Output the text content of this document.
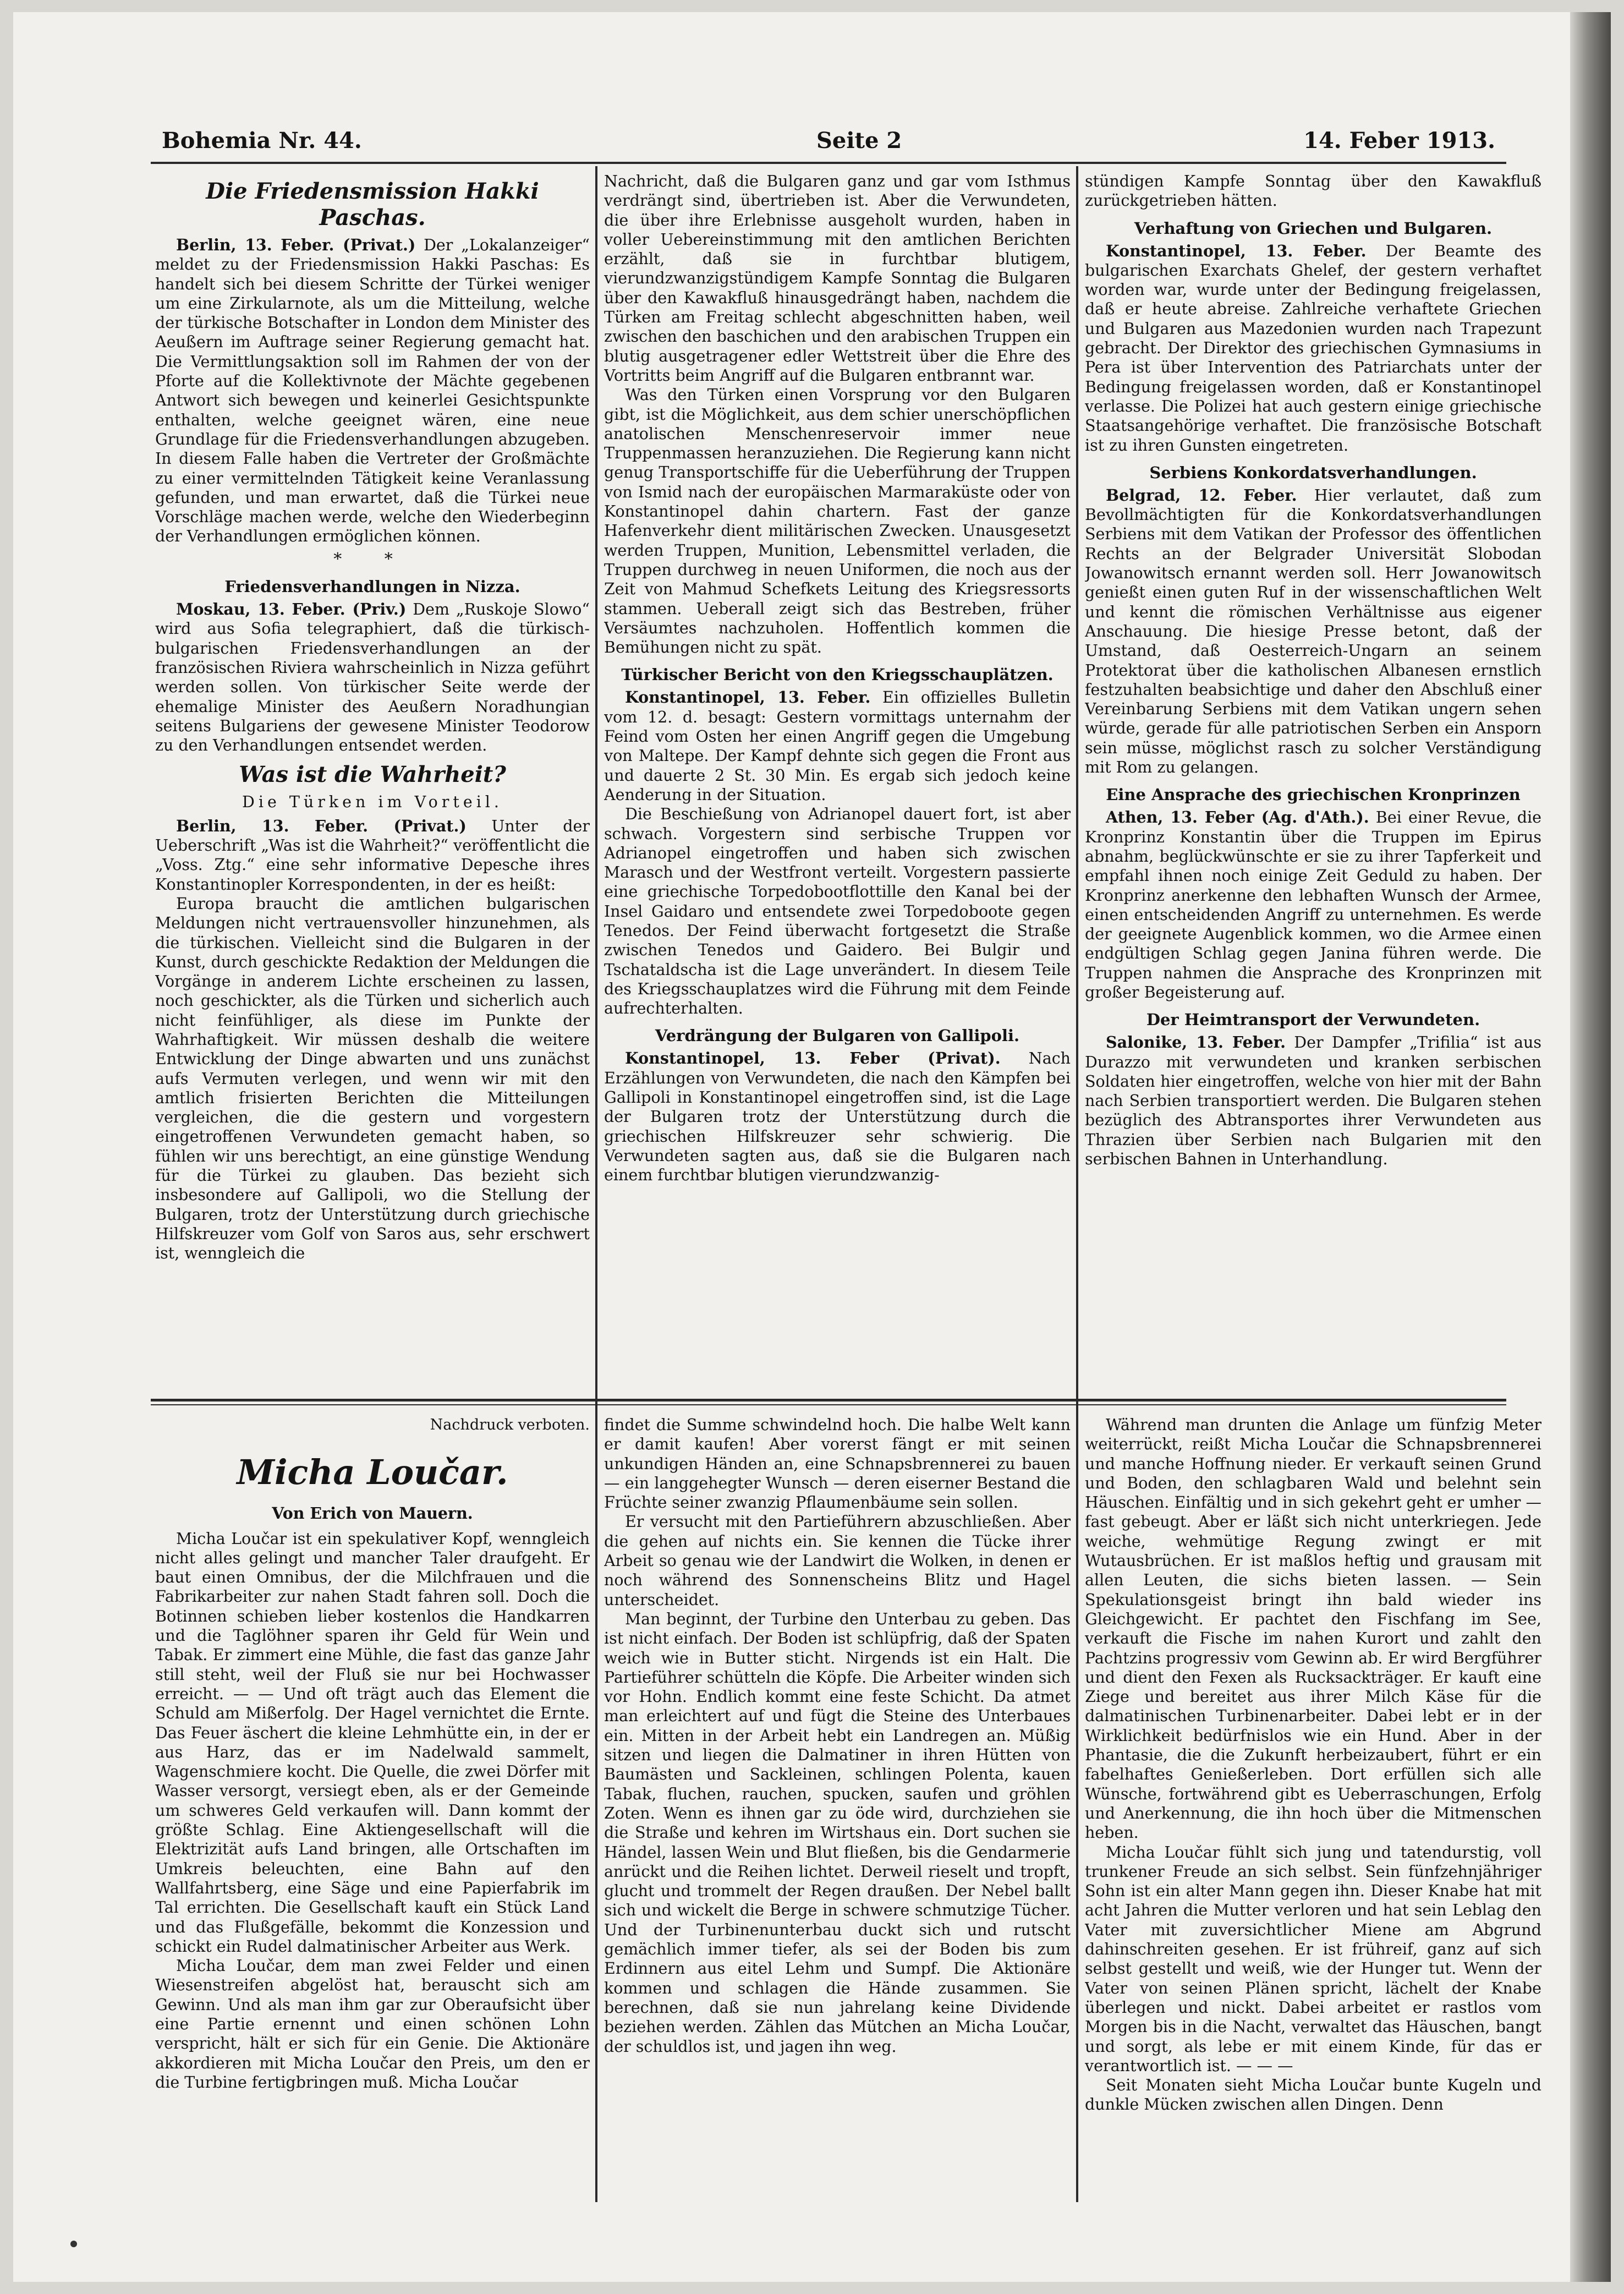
Bohemia Nr. 44.	Seite 2	14. Feber 1913.
Die Friedensmission Hakki Paschas.

Berlin, 13. Feber. (Privat.) Der „Lokalanzeiger“ meldet zu der Friedensmission Hakki Paschas: Es handelt sich bei diesem Schritte der Türkei weniger um eine Zirkularnote, als um die Mitteilung, welche der türkische Botschafter in London dem Minister des Aeußern im Auftrage seiner Regierung gemacht hat. Die Vermittlungsaktion soll im Rahmen der von der Pforte auf die Kollektivnote der Mächte gegebenen Antwort sich bewegen und keinerlei Gesichtspunkte enthalten, welche geeignet wären, eine neue Grundlage für die Friedensverhandlungen abzugeben. In diesem Falle haben die Vertreter der Großmächte zu einer vermittelnden Tätigkeit keine Veranlassung gefunden, und man erwartet, daß die Türkei neue Vorschläge machen werde, welche den Wiederbeginn der Verhandlungen ermöglichen können.

* *
Friedensverhandlungen in Nizza.

Moskau, 13. Feber. (Priv.) Dem „Ruskoje Slowo“ wird aus Sofia telegraphiert, daß die türkisch-bulgarischen Friedensverhandlungen an der französischen Riviera wahrscheinlich in Nizza geführt werden sollen. Von türkischer Seite werde der ehemalige Minister des Aeußern Noradhungian seitens Bulgariens der gewesene Minister Teodorow zu den Verhandlungen entsendet werden.

Was ist die Wahrheit?
Die Türken im Vorteil.

Berlin, 13. Feber. (Privat.) Unter der Ueberschrift „Was ist die Wahrheit?“ veröffentlicht die „Voss. Ztg.“ eine sehr informative Depesche ihres Konstantinopler Korrespondenten, in der es heißt:

Europa braucht die amtlichen bulgarischen Meldungen nicht vertrauensvoller hinzunehmen, als die türkischen. Vielleicht sind die Bulgaren in der Kunst, durch geschickte Redaktion der Meldungen die Vorgänge in anderem Lichte erscheinen zu lassen, noch geschickter, als die Türken und sicherlich auch nicht feinfühliger, als diese im Punkte der Wahrhaftigkeit. Wir müssen deshalb die weitere Entwicklung der Dinge abwarten und uns zunächst aufs Vermuten verlegen, und wenn wir mit den amtlich frisierten Berichten die Mitteilungen vergleichen, die die gestern und vorgestern eingetroffenen Verwundeten gemacht haben, so fühlen wir uns berechtigt, an eine günstige Wendung für die Türkei zu glauben. Das bezieht sich insbesondere auf Gallipoli, wo die Stellung der Bulgaren, trotz der Unterstützung durch griechische Hilfskreuzer vom Golf von Saros aus, sehr erschwert ist, wenngleich die

Nachricht, daß die Bulgaren ganz und gar vom Isthmus verdrängt sind, übertrieben ist. Aber die Verwundeten, die über ihre Erlebnisse ausgeholt wurden, haben in voller Uebereinstimmung mit den amtlichen Berichten erzählt, daß sie in furchtbar blutigem, vierundzwanzigstündigem Kampfe Sonntag die Bulgaren über den Kawakfluß hinausgedrängt haben, nachdem die Türken am Freitag schlecht abgeschnitten haben, weil zwischen den baschichen und den arabischen Truppen ein blutig ausgetragener edler Wettstreit über die Ehre des Vortritts beim Angriff auf die Bulgaren entbrannt war.

Was den Türken einen Vorsprung vor den Bulgaren gibt, ist die Möglichkeit, aus dem schier unerschöpflichen anatolischen Menschenreservoir immer neue Truppenmassen heranzuziehen. Die Regierung kann nicht genug Transportschiffe für die Ueberführung der Truppen von Ismid nach der europäischen Marmaraküste oder von Konstantinopel dahin chartern. Fast der ganze Hafenverkehr dient militärischen Zwecken. Unausgesetzt werden Truppen, Munition, Lebensmittel verladen, die Truppen durchweg in neuen Uniformen, die noch aus der Zeit von Mahmud Schefkets Leitung des Kriegsressorts stammen. Ueberall zeigt sich das Bestreben, früher Versäumtes nachzuholen. Hoffentlich kommen die Bemühungen nicht zu spät.

Türkischer Bericht von den Kriegsschauplätzen.

Konstantinopel, 13. Feber. Ein offizielles Bulletin vom 12. d. besagt: Gestern vormittags unternahm der Feind vom Osten her einen Angriff gegen die Umgebung von Maltepe. Der Kampf dehnte sich gegen die Front aus und dauerte 2 St. 30 Min. Es ergab sich jedoch keine Aenderung in der Situation.

Die Beschießung von Adrianopel dauert fort, ist aber schwach. Vorgestern sind serbische Truppen vor Adrianopel eingetroffen und haben sich zwischen Marasch und der Westfront verteilt. Vorgestern passierte eine griechische Torpedobootflottille den Kanal bei der Insel Gaidaro und entsendete zwei Torpedoboote gegen Tenedos. Der Feind überwacht fortgesetzt die Straße zwischen Tenedos und Gaidero. Bei Bulgir und Tschataldscha ist die Lage unverändert. In diesem Teile des Kriegsschauplatzes wird die Führung mit dem Feinde aufrechterhalten.

Verdrängung der Bulgaren von Gallipoli.

Konstantinopel, 13. Feber (Privat). Nach Erzählungen von Verwundeten, die nach den Kämpfen bei Gallipoli in Konstantinopel eingetroffen sind, ist die Lage der Bulgaren trotz der Unterstützung durch die griechischen Hilfskreuzer sehr schwierig. Die Verwundeten sagten aus, daß sie die Bulgaren nach einem furchtbar blutigen vierundzwanzig-

stündigen Kampfe Sonntag über den Kawakfluß zurückgetrieben hätten.

Verhaftung von Griechen und Bulgaren.

Konstantinopel, 13. Feber. Der Beamte des bulgarischen Exarchats Ghelef, der gestern verhaftet worden war, wurde unter der Bedingung freigelassen, daß er heute abreise. Zahlreiche verhaftete Griechen und Bulgaren aus Mazedonien wurden nach Trapezunt gebracht. Der Direktor des griechischen Gymnasiums in Pera ist über Intervention des Patriarchats unter der Bedingung freigelassen worden, daß er Konstantinopel verlasse. Die Polizei hat auch gestern einige griechische Staatsangehörige verhaftet. Die französische Botschaft ist zu ihren Gunsten eingetreten.

Serbiens Konkordatsverhandlungen.

Belgrad, 12. Feber. Hier verlautet, daß zum Bevollmächtigten für die Konkordatsverhandlungen Serbiens mit dem Vatikan der Professor des öffentlichen Rechts an der Belgrader Universität Slobodan Jowanowitsch ernannt werden soll. Herr Jowanowitsch genießt einen guten Ruf in der wissenschaftlichen Welt und kennt die römischen Verhältnisse aus eigener Anschauung. Die hiesige Presse betont, daß der Umstand, daß Oesterreich-Ungarn an seinem Protektorat über die katholischen Albanesen ernstlich festzuhalten beabsichtige und daher den Abschluß einer Vereinbarung Serbiens mit dem Vatikan ungern sehen würde, gerade für alle patriotischen Serben ein Ansporn sein müsse, möglichst rasch zu solcher Verständigung mit Rom zu gelangen.

Eine Ansprache des griechischen Kronprinzen

Athen, 13. Feber (Ag. d'Ath.). Bei einer Revue, die Kronprinz Konstantin über die Truppen im Epirus abnahm, beglückwünschte er sie zu ihrer Tapferkeit und empfahl ihnen noch einige Zeit Geduld zu haben. Der Kronprinz anerkenne den lebhaften Wunsch der Armee, einen entscheidenden Angriff zu unternehmen. Es werde der geeignete Augenblick kommen, wo die Armee einen endgültigen Schlag gegen Janina führen werde. Die Truppen nahmen die Ansprache des Kronprinzen mit großer Begeisterung auf.

Der Heimtransport der Verwundeten.

Salonike, 13. Feber. Der Dampfer „Trifilia“ ist aus Durazzo mit verwundeten und kranken serbischen Soldaten hier eingetroffen, welche von hier mit der Bahn nach Serbien transportiert werden. Die Bulgaren stehen bezüglich des Abtransportes ihrer Verwundeten aus Thrazien über Serbien nach Bulgarien mit den serbischen Bahnen in Unterhandlung.

Nachdruck verboten.
Micha Loučar.
Von Erich von Mauern.

Micha Loučar ist ein spekulativer Kopf, wenngleich nicht alles gelingt und mancher Taler draufgeht. Er baut einen Omnibus, der die Milchfrauen und die Fabrikarbeiter zur nahen Stadt fahren soll. Doch die Botinnen schieben lieber kostenlos die Handkarren und die Taglöhner sparen ihr Geld für Wein und Tabak. Er zimmert eine Mühle, die fast das ganze Jahr still steht, weil der Fluß sie nur bei Hochwasser erreicht. — — Und oft trägt auch das Element die Schuld am Mißerfolg. Der Hagel vernichtet die Ernte. Das Feuer äschert die kleine Lehmhütte ein, in der er aus Harz, das er im Nadelwald sammelt, Wagenschmiere kocht. Die Quelle, die zwei Dörfer mit Wasser versorgt, versiegt eben, als er der Gemeinde um schweres Geld verkaufen will. Dann kommt der größte Schlag. Eine Aktiengesellschaft will die Elektrizität aufs Land bringen, alle Ortschaften im Umkreis beleuchten, eine Bahn auf den Wallfahrtsberg, eine Säge und eine Papierfabrik im Tal errichten. Die Gesellschaft kauft ein Stück Land und das Flußgefälle, bekommt die Konzession und schickt ein Rudel dalmatinischer Arbeiter aus Werk.

Micha Loučar, dem man zwei Felder und einen Wiesenstreifen abgelöst hat, berauscht sich am Gewinn. Und als man ihm gar zur Oberaufsicht über eine Partie ernennt und einen schönen Lohn verspricht, hält er sich für ein Genie. Die Aktionäre akkordieren mit Micha Loučar den Preis, um den er die Turbine fertigbringen muß. Micha Loučar

findet die Summe schwindelnd hoch. Die halbe Welt kann er damit kaufen! Aber vorerst fängt er mit seinen unkundigen Händen an, eine Schnapsbrennerei zu bauen — ein langgehegter Wunsch — deren eiserner Bestand die Früchte seiner zwanzig Pflaumenbäume sein sollen.

Er versucht mit den Partieführern abzuschließen. Aber die gehen auf nichts ein. Sie kennen die Tücke ihrer Arbeit so genau wie der Landwirt die Wolken, in denen er noch während des Sonnenscheins Blitz und Hagel unterscheidet.

Man beginnt, der Turbine den Unterbau zu geben. Das ist nicht einfach. Der Boden ist schlüpfrig, daß der Spaten weich wie in Butter sticht. Nirgends ist ein Halt. Die Partieführer schütteln die Köpfe. Die Arbeiter winden sich vor Hohn. Endlich kommt eine feste Schicht. Da atmet man erleichtert auf und fügt die Steine des Unterbaues ein. Mitten in der Arbeit hebt ein Landregen an. Müßig sitzen und liegen die Dalmatiner in ihren Hütten von Baumästen und Sackleinen, schlingen Polenta, kauen Tabak, fluchen, rauchen, spucken, saufen und gröhlen Zoten. Wenn es ihnen gar zu öde wird, durchziehen sie die Straße und kehren im Wirtshaus ein. Dort suchen sie Händel, lassen Wein und Blut fließen, bis die Gendarmerie anrückt und die Reihen lichtet. Derweil rieselt und tropft, glucht und trommelt der Regen draußen. Der Nebel ballt sich und wickelt die Berge in schwere schmutzige Tücher. Und der Turbinenunterbau duckt sich und rutscht gemächlich immer tiefer, als sei der Boden bis zum Erdinnern aus eitel Lehm und Sumpf. Die Aktionäre kommen und schlagen die Hände zusammen. Sie berechnen, daß sie nun jahrelang keine Dividende beziehen werden. Zählen das Mütchen an Micha Loučar, der schuldlos ist, und jagen ihn weg.

Während man drunten die Anlage um fünfzig Meter weiterrückt, reißt Micha Loučar die Schnapsbrennerei und manche Hoffnung nieder. Er verkauft seinen Grund und Boden, den schlagbaren Wald und belehnt sein Häuschen. Einfältig und in sich gekehrt geht er umher — fast gebeugt. Aber er läßt sich nicht unterkriegen. Jede weiche, wehmütige Regung zwingt er mit Wutausbrüchen. Er ist maßlos heftig und grausam mit allen Leuten, die sichs bieten lassen. — Sein Spekulationsgeist bringt ihn bald wieder ins Gleichgewicht. Er pachtet den Fischfang im See, verkauft die Fische im nahen Kurort und zahlt den Pachtzins progressiv vom Gewinn ab. Er wird Bergführer und dient den Fexen als Rucksackträger. Er kauft eine Ziege und bereitet aus ihrer Milch Käse für die dalmatinischen Turbinenarbeiter. Dabei lebt er in der Wirklichkeit bedürfnislos wie ein Hund. Aber in der Phantasie, die die Zukunft herbeizaubert, führt er ein fabelhaftes Genießerleben. Dort erfüllen sich alle Wünsche, fortwährend gibt es Ueberraschungen, Erfolg und Anerkennung, die ihn hoch über die Mitmenschen heben.

Micha Loučar fühlt sich jung und tatendurstig, voll trunkener Freude an sich selbst. Sein fünfzehnjähriger Sohn ist ein alter Mann gegen ihn. Dieser Knabe hat mit acht Jahren die Mutter verloren und hat sein Leblag den Vater mit zuversichtlicher Miene am Abgrund dahinschreiten gesehen. Er ist frühreif, ganz auf sich selbst gestellt und weiß, wie der Hunger tut. Wenn der Vater von seinen Plänen spricht, lächelt der Knabe überlegen und nickt. Dabei arbeitet er rastlos vom Morgen bis in die Nacht, verwaltet das Häuschen, bangt und sorgt, als lebe er mit einem Kinde, für das er verantwortlich ist. — — —

Seit Monaten sieht Micha Loučar bunte Kugeln und dunkle Mücken zwischen allen Dingen. Denn
